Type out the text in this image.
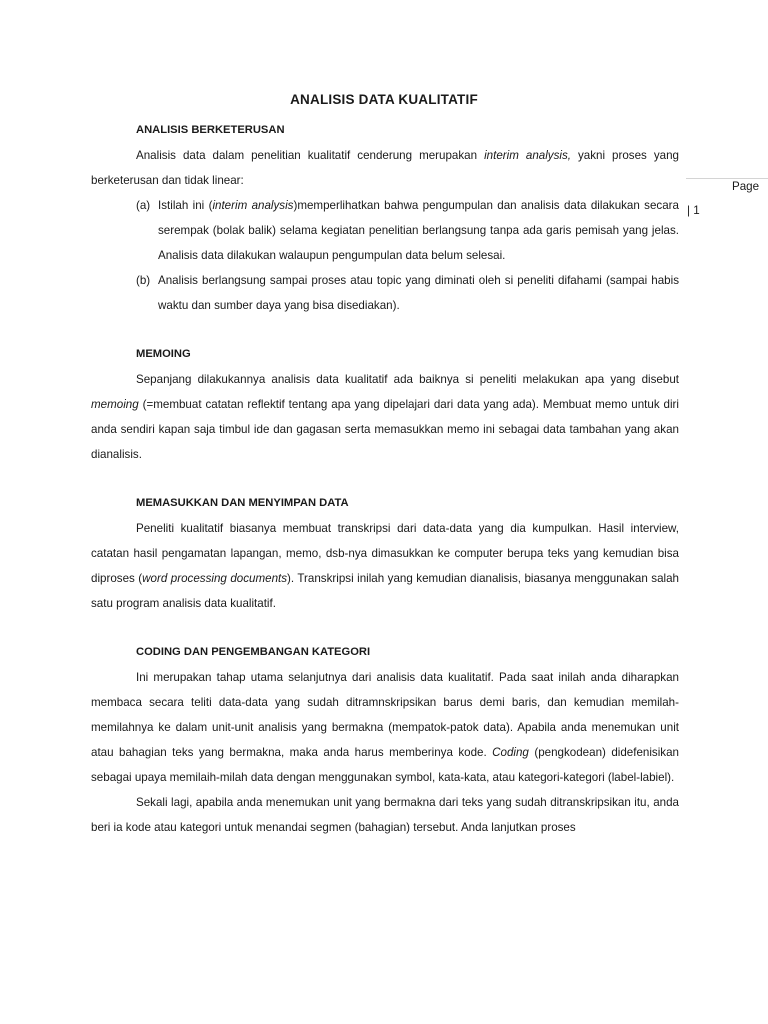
ANALISIS DATA KUALITATIF
ANALISIS BERKETERUSAN

Analisis data dalam penelitian kualitatif cenderung merupakan interim analysis, yakni proses yang berketerusan dan tidak linear:

(a) Istilah ini (interim analysis)memperlihatkan bahwa pengumpulan dan analisis data dilakukan secara serempak (bolak balik) selama kegiatan penelitian berlangsung tanpa ada garis pemisah yang jelas. Analisis data dilakukan walaupun pengumpulan data belum selesai.
(b) Analisis berlangsung sampai proses atau topic yang diminati oleh si peneliti difahami (sampai habis waktu dan sumber daya yang bisa disediakan).
MEMOING

Sepanjang dilakukannya analisis data kualitatif ada baiknya si peneliti melakukan apa yang disebut memoing (=membuat catatan reflektif tentang apa yang dipelajari dari data yang ada). Membuat memo untuk diri anda sendiri kapan saja timbul ide dan gagasan serta memasukkan memo ini sebagai data tambahan yang akan dianalisis.

MEMASUKKAN DAN MENYIMPAN DATA

Peneliti kualitatif biasanya membuat transkripsi dari data-data yang dia kumpulkan. Hasil interview, catatan hasil pengamatan lapangan, memo, dsb-nya dimasukkan ke computer berupa teks yang kemudian bisa diproses (word processing documents). Transkripsi inilah yang kemudian dianalisis, biasanya menggunakan salah satu program analisis data kualitatif.

CODING DAN PENGEMBANGAN KATEGORI

Ini merupakan tahap utama selanjutnya dari analisis data kualitatif. Pada saat inilah anda diharapkan membaca secara teliti data-data yang sudah ditramnskripsikan barus demi baris, dan kemudian memilah-memilahnya ke dalam unit-unit analisis yang bermakna (mempatok-patok data). Apabila anda menemukan unit atau bahagian teks yang bermakna, maka anda harus memberinya kode. Coding (pengkodean) didefenisikan sebagai upaya memilaih-milah data dengan menggunakan symbol, kata-kata, atau kategori-kategori (label-labiel).

Sekali lagi, apabila anda menemukan unit yang bermakna dari teks yang sudah ditranskripsikan itu, anda beri ia kode atau kategori untuk menandai segmen (bahagian) tersebut. Anda lanjutkan proses

Page
| 1
